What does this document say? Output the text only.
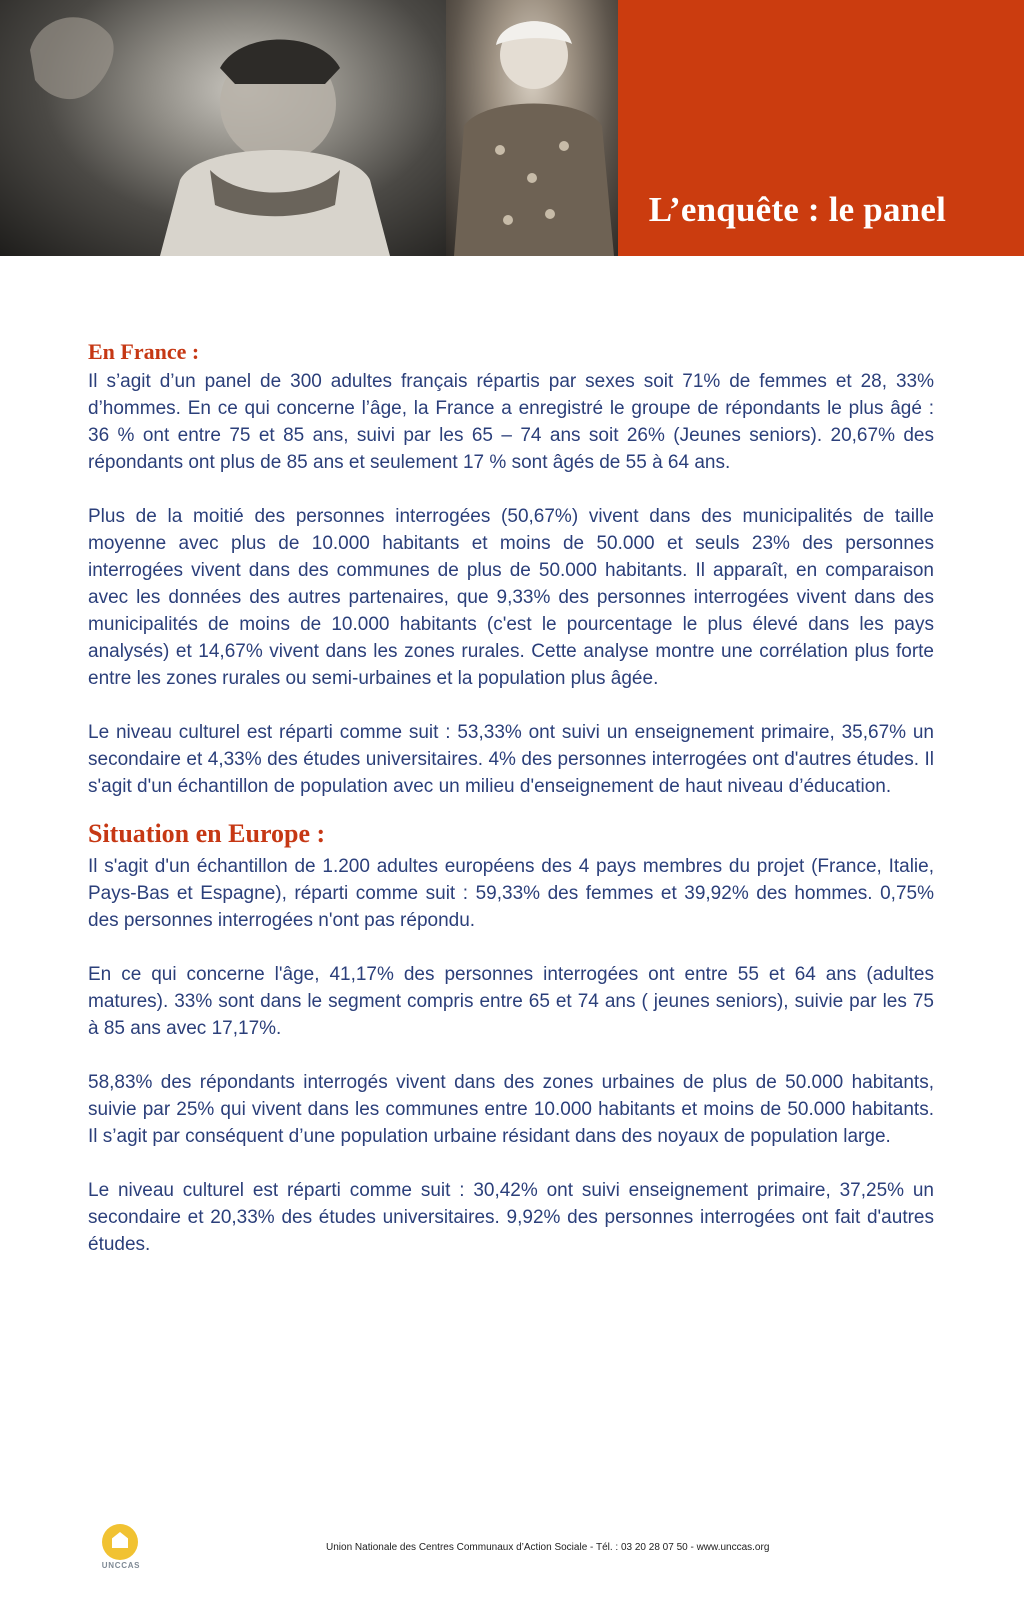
L’enquête : le panel
En France :

Il s’agit d’un panel de 300 adultes français répartis par sexes soit 71% de femmes et 28, 33% d’hommes. En ce qui concerne l’âge, la France a enregistré le groupe de répondants le plus âgé : 36 % ont entre 75 et 85 ans, suivi par les 65 – 74 ans soit 26% (Jeunes seniors). 20,67% des répondants ont plus de 85 ans et seulement 17 % sont âgés de 55 à 64 ans.

Plus de la moitié des personnes interrogées (50,67%) vivent dans des municipalités de taille moyenne avec plus de 10.000 habitants et moins de 50.000 et seuls 23% des personnes interrogées vivent dans des communes de plus de 50.000 habitants. Il apparaît, en comparaison avec les données des autres partenaires, que 9,33% des personnes interrogées vivent dans des municipalités de moins de 10.000 habitants (c'est le pourcentage le plus élevé dans les pays analysés) et 14,67% vivent dans les zones rurales. Cette analyse montre une corrélation plus forte entre les zones rurales ou semi-urbaines et la population plus âgée.

Le niveau culturel est réparti comme suit : 53,33% ont suivi un enseignement primaire, 35,67% un secondaire et 4,33% des études universitaires. 4% des personnes interrogées ont d'autres études. Il s'agit d'un échantillon de population avec un milieu d'enseignement de haut niveau d’éducation.

Situation en Europe :

Il s'agit d'un échantillon de 1.200 adultes européens des 4 pays membres du projet (France, Italie, Pays-Bas et Espagne), réparti comme suit : 59,33% des femmes et 39,92% des hommes. 0,75% des personnes interrogées n'ont pas répondu.

En ce qui concerne l'âge, 41,17% des personnes interrogées ont entre 55 et 64 ans (adultes matures). 33% sont dans le segment compris entre 65 et 74 ans ( jeunes seniors), suivie par les 75 à 85 ans avec 17,17%.

58,83% des répondants interrogés vivent dans des zones urbaines de plus de 50.000 habitants, suivie par 25% qui vivent dans les communes entre 10.000 habitants et moins de 50.000 habitants. Il s’agit par conséquent d’une population urbaine résidant dans des noyaux de population large.

Le niveau culturel est réparti comme suit : 30,42% ont suivi enseignement primaire, 37,25% un secondaire et 20,33% des études universitaires. 9,92% des personnes interrogées ont fait d'autres études.

UNCCAS
Union Nationale des Centres Communaux d’Action Sociale - Tél. : 03 20 28 07 50 - www.unccas.org
